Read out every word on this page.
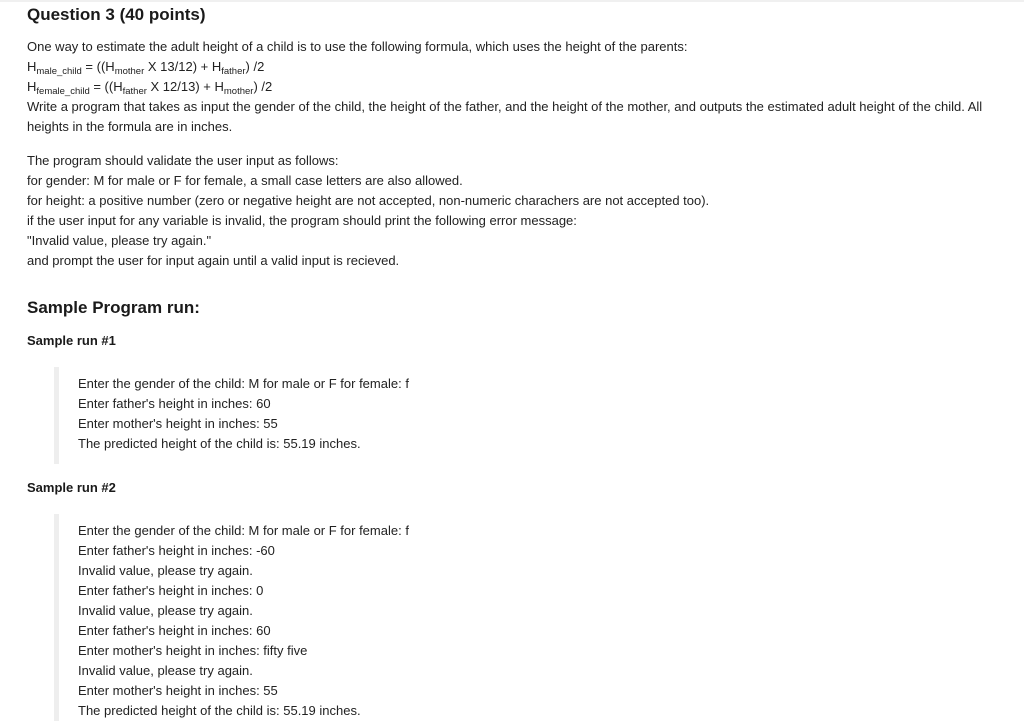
Question 3 (40 points)
One way to estimate the adult height of a child is to use the following formula, which uses the height of the parents:
$H_{male\_child} = ((H_{mother}$ X $13/12) + H_{father}$) /2
$H_{female\_child} = ((H_{father}$ X $12/13) + H_{mother}$) /2
Write a program that takes as input the gender of the child, the height of the father, and the height of the mother, and outputs the estimated adult height of the child. All heights in the formula are in inches.
The program should validate the user input as follows:
for gender: M for male or F for female, a small case letters are also allowed.
for height: a positive number (zero or negative height are not accepted, non-numeric charachers are not accepted too).
if the user input for any variable is invalid, the program should print the following error message:
"Invalid value, please try again."
and prompt the user for input again until a valid input is recieved.
Sample Program run:
Sample run #1
Enter the gender of the child: M for male or F for female: f
Enter father's height in inches: 60
Enter mother's height in inches: 55
The predicted height of the child is: 55.19 inches.
Sample run #2
Enter the gender of the child: M for male or F for female: f
Enter father's height in inches: -60
Invalid value, please try again.
Enter father's height in inches: 0
Invalid value, please try again.
Enter father's height in inches: 60
Enter mother's height in inches: fifty five
Invalid value, please try again.
Enter mother's height in inches: 55
The predicted height of the child is: 55.19 inches.
